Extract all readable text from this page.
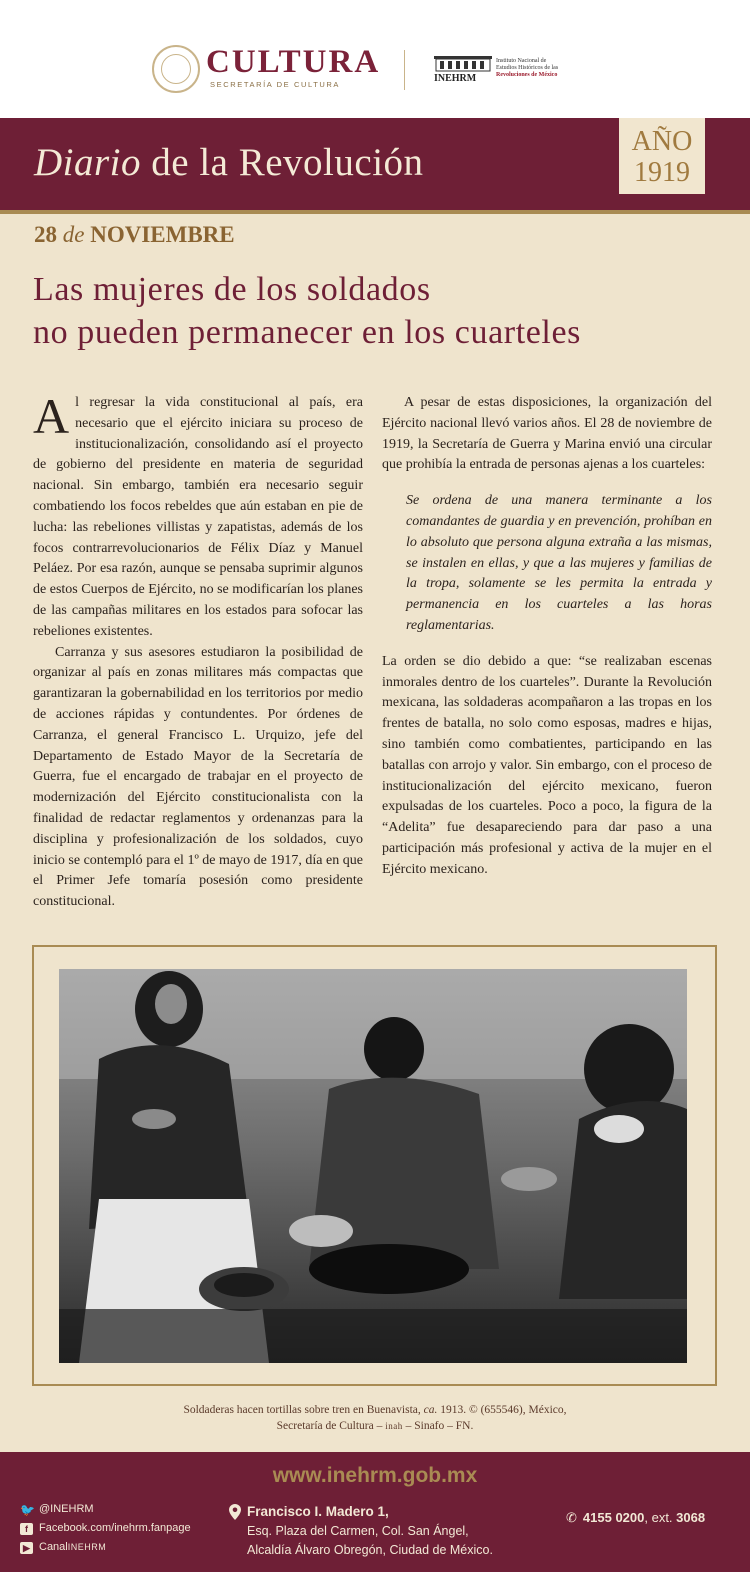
CULTURA
SECRETARÍA DE CULTURA
INEHRM
Instituto Nacional de
Estudios Históricos de las
Revoluciones de México
Diario de la Revolución	AÑO
1919
28 de NOVIEMBRE
Las mujeres de los soldados
no pueden permanecer en los cuarteles

Al regresar la vida constitucional al país, era necesario que el ejército iniciara su proceso de institucionalización, consolidando así el proyecto de gobierno del presidente en materia de seguridad nacional. Sin embargo, también era necesario seguir combatiendo los focos rebeldes que aún estaban en pie de lucha: las rebeliones villistas y zapatistas, además de los focos contrarrevolucionarios de Félix Díaz y Manuel Peláez. Por esa razón, aunque se pensaba suprimir algunos de estos Cuerpos de Ejército, no se modificarían los planes de las campañas militares en los estados para sofocar las rebeliones existentes.

Carranza y sus asesores estudiaron la posibilidad de organizar al país en zonas militares más compactas que garantizaran la gobernabilidad en los territorios por medio de acciones rápidas y contundentes. Por órdenes de Carranza, el general Francisco L. Urquizo, jefe del Departamento de Estado Mayor de la Secretaría de Guerra, fue el encargado de trabajar en el proyecto de modernización del Ejército constitucionalista con la finalidad de redactar reglamentos y ordenanzas para la disciplina y profesionalización de los soldados, cuyo inicio se contempló para el 1º de mayo de 1917, día en que el Primer Jefe tomaría posesión como presidente constitucional.

A pesar de estas disposiciones, la organización del Ejército nacional llevó varios años. El 28 de noviembre de 1919, la Secretaría de Guerra y Marina envió una circular que prohibía la entrada de personas ajenas a los cuarteles:

Se ordena de una manera terminante a los comandantes de guardia y en prevención, prohíban en lo absoluto que persona alguna extraña a las mismas, se instalen en ellas, y que a las mujeres y familias de la tropa, solamente se les permita la entrada y permanencia en los cuarteles a las horas reglamentarias.

La orden se dio debido a que: “se realizaban escenas inmorales dentro de los cuarteles”. Durante la Revolución mexicana, las soldaderas acompañaron a las tropas en los frentes de batalla, no solo como esposas, madres e hijas, sino también como combatientes, participando en las batallas con arrojo y valor. Sin embargo, con el proceso de institucionalización del ejército mexicano, fueron expulsadas de los cuarteles. Poco a poco, la figura de la “Adelita” fue desapareciendo para dar paso a una participación más profesional y activa de la mujer en el Ejército mexicano.

Soldaderas hacen tortillas sobre tren en Buenavista, ca. 1913. © (655546), México,
Secretaría de Cultura – inah – Sinafo – FN.
www.inehrm.gob.mx
🐦 @INEHRM
f	Facebook.com/inehrm.fanpage
▶ Canal INEHRM
Francisco I. Madero 1,
Esq. Plaza del Carmen, Col. San Ángel,
Alcaldía Álvaro Obregón, Ciudad de México.
✆ 4155 0200, ext. 3068
